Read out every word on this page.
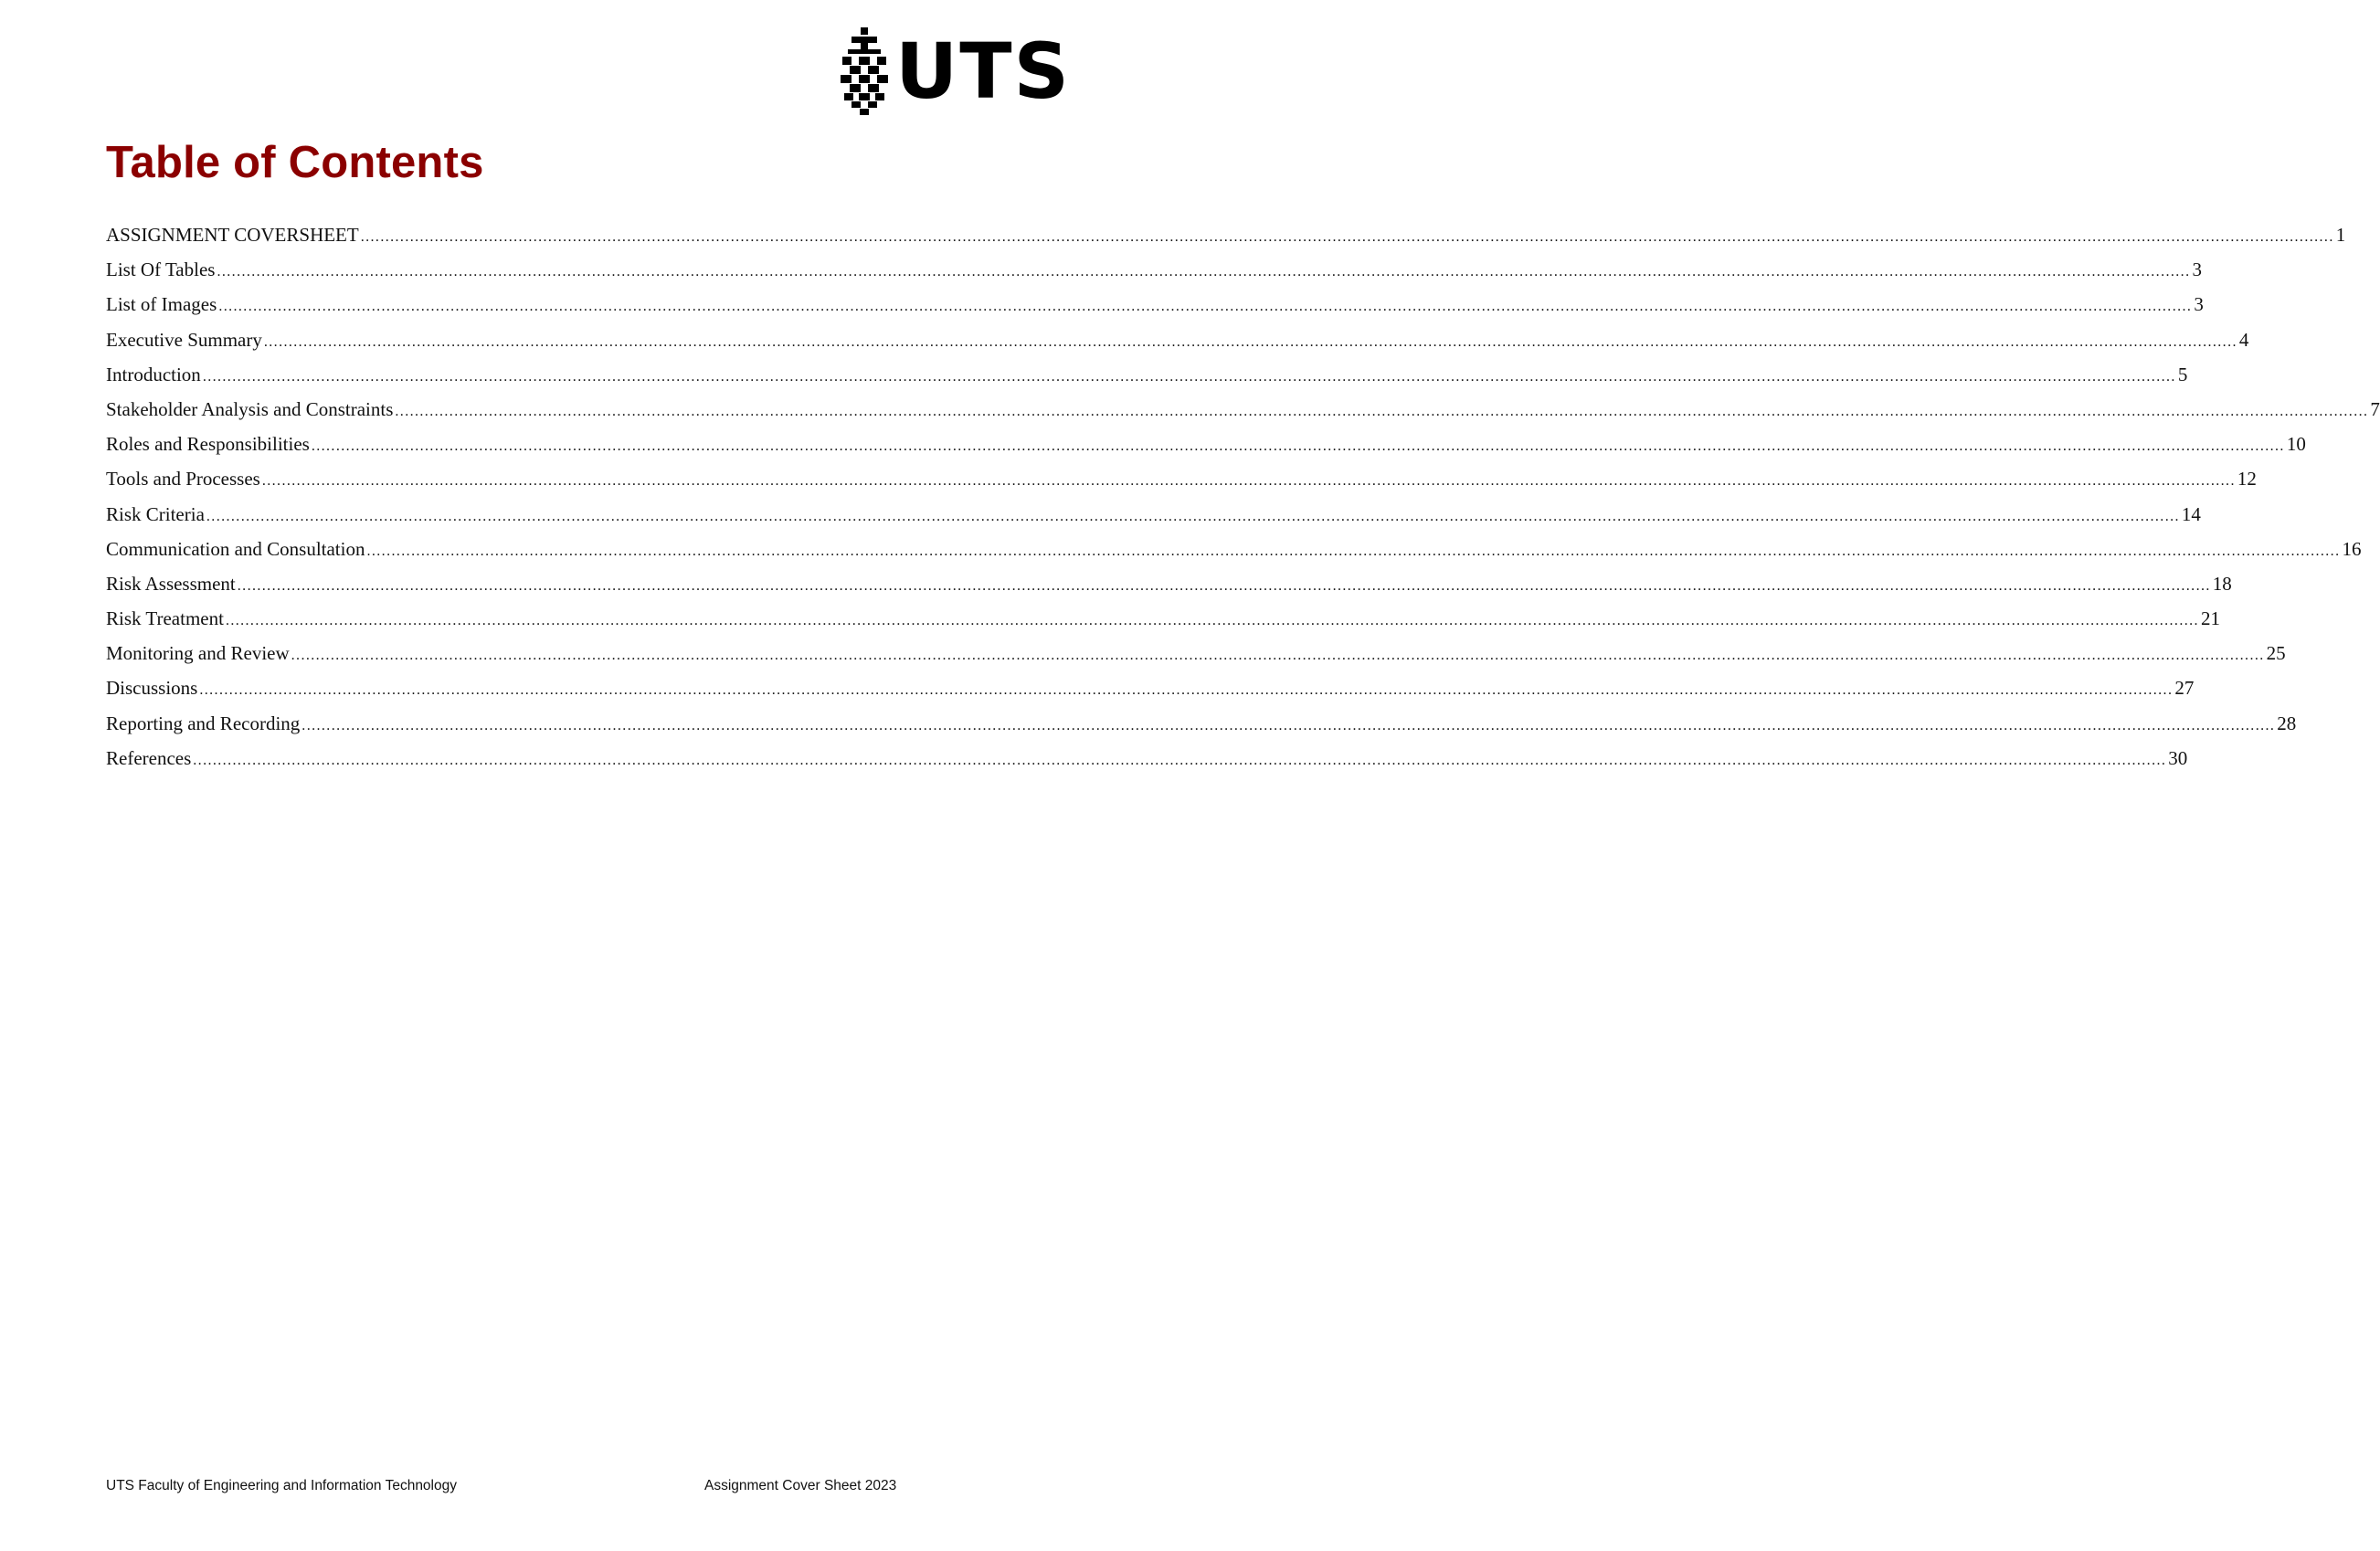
UTS
Table of Contents
ASSIGNMENT COVERSHEET ................................................................................................................................................................................................................................................................................................................................................................................................................ 1
List Of Tables ................................................................................................................................................................................................................................................................................................................................................................................................................ 3
List of Images ................................................................................................................................................................................................................................................................................................................................................................................................................ 3
Executive Summary ................................................................................................................................................................................................................................................................................................................................................................................................................ 4
Introduction ................................................................................................................................................................................................................................................................................................................................................................................................................ 5
Stakeholder Analysis and Constraints ................................................................................................................................................................................................................................................................................................................................................................................................................ 7
Roles and Responsibilities ................................................................................................................................................................................................................................................................................................................................................................................................................ 10
Tools and Processes ................................................................................................................................................................................................................................................................................................................................................................................................................ 12
Risk Criteria ................................................................................................................................................................................................................................................................................................................................................................................................................ 14
Communication and Consultation ................................................................................................................................................................................................................................................................................................................................................................................................................ 16
Risk Assessment ................................................................................................................................................................................................................................................................................................................................................................................................................ 18
Risk Treatment ................................................................................................................................................................................................................................................................................................................................................................................................................ 21
Monitoring and Review ................................................................................................................................................................................................................................................................................................................................................................................................................ 25
Discussions ................................................................................................................................................................................................................................................................................................................................................................................................................ 27
Reporting and Recording ................................................................................................................................................................................................................................................................................................................................................................................................................ 28
References ................................................................................................................................................................................................................................................................................................................................................................................................................ 30
UTS Faculty of Engineering and Information Technology	Assignment Cover Sheet 2023
